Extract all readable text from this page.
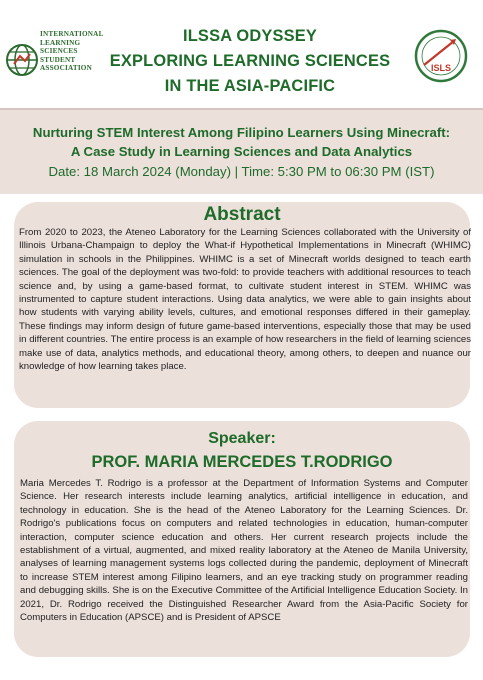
INTERNATIONAL
LEARNING
SCIENCES
STUDENT
ASSOCIATION
ILSSA ODYSSEY
EXPLORING LEARNING SCIENCES
IN THE ASIA-PACIFIC
ISLS
Nurturing STEM Interest Among Filipino Learners Using Minecraft:
A Case Study in Learning Sciences and Data Analytics
Date: 18 March 2024 (Monday) | Time: 5:30 PM to 06:30 PM (IST)
Abstract
From 2020 to 2023, the Ateneo Laboratory for the Learning Sciences collaborated with the University of Illinois Urbana-Champaign to deploy the What-if Hypothetical Implementations in Minecraft (WHIMC) simulation in schools in the Philippines. WHIMC is a set of Minecraft worlds designed to teach earth sciences. The goal of the deployment was two-fold: to provide teachers with additional resources to teach science and, by using a game-based format, to cultivate student interest in STEM. WHIMC was instrumented to capture student interactions. Using data analytics, we were able to gain insights about how students with varying ability levels, cultures, and emotional responses differed in their gameplay. These findings may inform design of future game-based interventions, especially those that may be used in different countries. The entire process is an example of how researchers in the field of learning sciences make use of data, analytics methods, and educational theory, among others, to deepen and nuance our knowledge of how learning takes place.
Speaker:
PROF. MARIA MERCEDES T.RODRIGO
Maria Mercedes T. Rodrigo is a professor at the Department of Information Systems and Computer Science. Her research interests include learning analytics, artificial intelligence in education, and technology in education. She is the head of the Ateneo Laboratory for the Learning Sciences. Dr. Rodrigo's publications focus on computers and related technologies in education, human-computer interaction, computer science education and others. Her current research projects include the establishment of a virtual, augmented, and mixed reality laboratory at the Ateneo de Manila University, analyses of learning management systems logs collected during the pandemic, deployment of Minecraft to increase STEM interest among Filipino learners, and an eye tracking study on programmer reading and debugging skills. She is on the Executive Committee of the Artificial Intelligence Education Society. In 2021, Dr. Rodrigo received the Distinguished Researcher Award from the Asia-Pacific Society for Computers in Education (APSCE) and is President of APSCE
